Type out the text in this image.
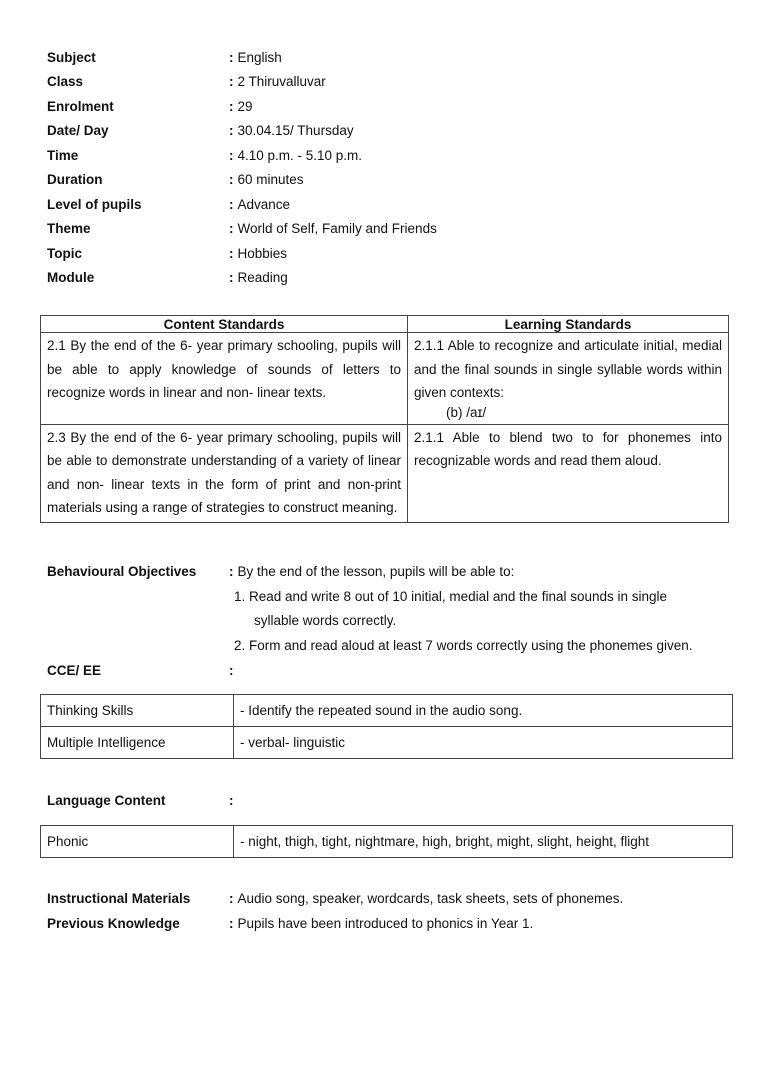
Subject	: English
Class	: 2 Thiruvalluvar
Enrolment	: 29
Date/ Day	: 30.04.15/ Thursday
Time	: 4.10 p.m. - 5.10 p.m.
Duration	: 60 minutes
Level of pupils	: Advance
Theme	: World of Self, Family and Friends
Topic	: Hobbies
Module	: Reading
Content Standards	Learning Standards
2.1 By the end of the 6- year primary schooling, pupils will be able to apply knowledge of sounds of letters to recognize words in linear and non- linear texts.	2.1.1 Able to recognize and articulate initial, medial and the final sounds in single syllable words within given contexts:
(b) /aɪ/

2.3 By the end of the 6- year primary schooling, pupils will be able to demonstrate understanding of a variety of linear and non- linear texts in the form of print and non-print materials using a range of strategies to construct meaning.	2.1.1 Able to blend two to for phonemes into recognizable words and read them aloud.
Behavioural Objectives	: By the end of the lesson, pupils will be able to:
1. Read and write 8 out of 10 initial, medial and the final sounds in single
syllable words correctly.
2. Form and read aloud at least 7 words correctly using the phonemes given.
CCE/ EE	:
Thinking Skills	- Identify the repeated sound in the audio song.
Multiple Intelligence	- verbal- linguistic
Language Content	:
Phonic	- night, thigh, tight, nightmare, high, bright, might, slight, height, flight
Instructional Materials	: Audio song, speaker, wordcards, task sheets, sets of phonemes.
Previous Knowledge	: Pupils have been introduced to phonics in Year 1.
